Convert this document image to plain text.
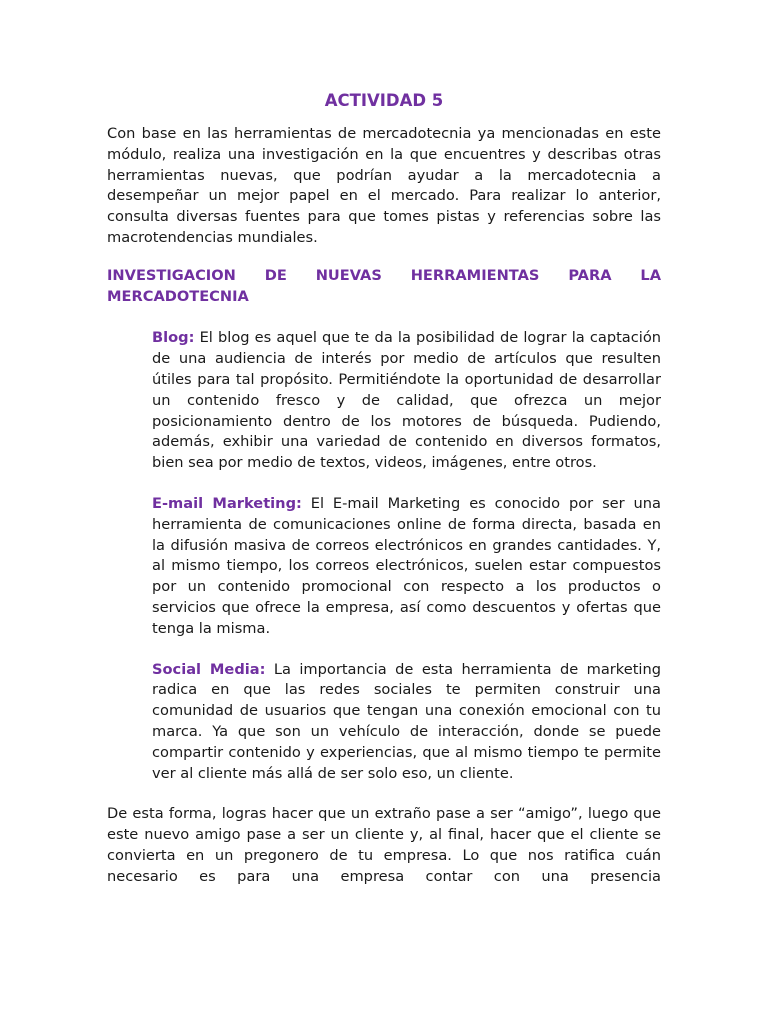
ACTIVIDAD 5

Con base en las herramientas de mercadotecnia ya mencionadas en este módulo, realiza una investigación en la que encuentres y describas otras herramientas nuevas, que podrían ayudar a la mercadotecnia a desempeñar un mejor papel en el mercado. Para realizar lo anterior, consulta diversas fuentes para que tomes pistas y referencias sobre las macrotendencias mundiales.

INVESTIGACION DE NUEVAS HERRAMIENTAS PARA LA
MERCADOTECNIA

Blog: El blog es aquel que te da la posibilidad de lograr la captación de una audiencia de interés por medio de artículos que resulten útiles para tal propósito. Permitiéndote la oportunidad de desarrollar un contenido fresco y de calidad, que ofrezca un mejor posicionamiento dentro de los motores de búsqueda. Pudiendo, además, exhibir una variedad de contenido en diversos formatos, bien sea por medio de textos, videos, imágenes, entre otros.

E-mail Marketing: El E-mail Marketing es conocido por ser una herramienta de comunicaciones online de forma directa, basada en la difusión masiva de correos electrónicos en grandes cantidades. Y, al mismo tiempo, los correos electrónicos, suelen estar compuestos por un contenido promocional con respecto a los productos o servicios que ofrece la empresa, así como descuentos y ofertas que tenga la misma.

Social Media: La importancia de esta herramienta de marketing radica en que las redes sociales te permiten construir una comunidad de usuarios que tengan una conexión emocional con tu marca. Ya que son un vehículo de interacción, donde se puede compartir contenido y experiencias, que al mismo tiempo te permite ver al cliente más allá de ser solo eso, un cliente.

De esta forma, logras hacer que un extraño pase a ser “amigo”, luego que este nuevo amigo pase a ser un cliente y, al final, hacer que el cliente se convierta en un pregonero de tu empresa. Lo que nos ratifica cuán necesario es para una empresa contar con una presencia
